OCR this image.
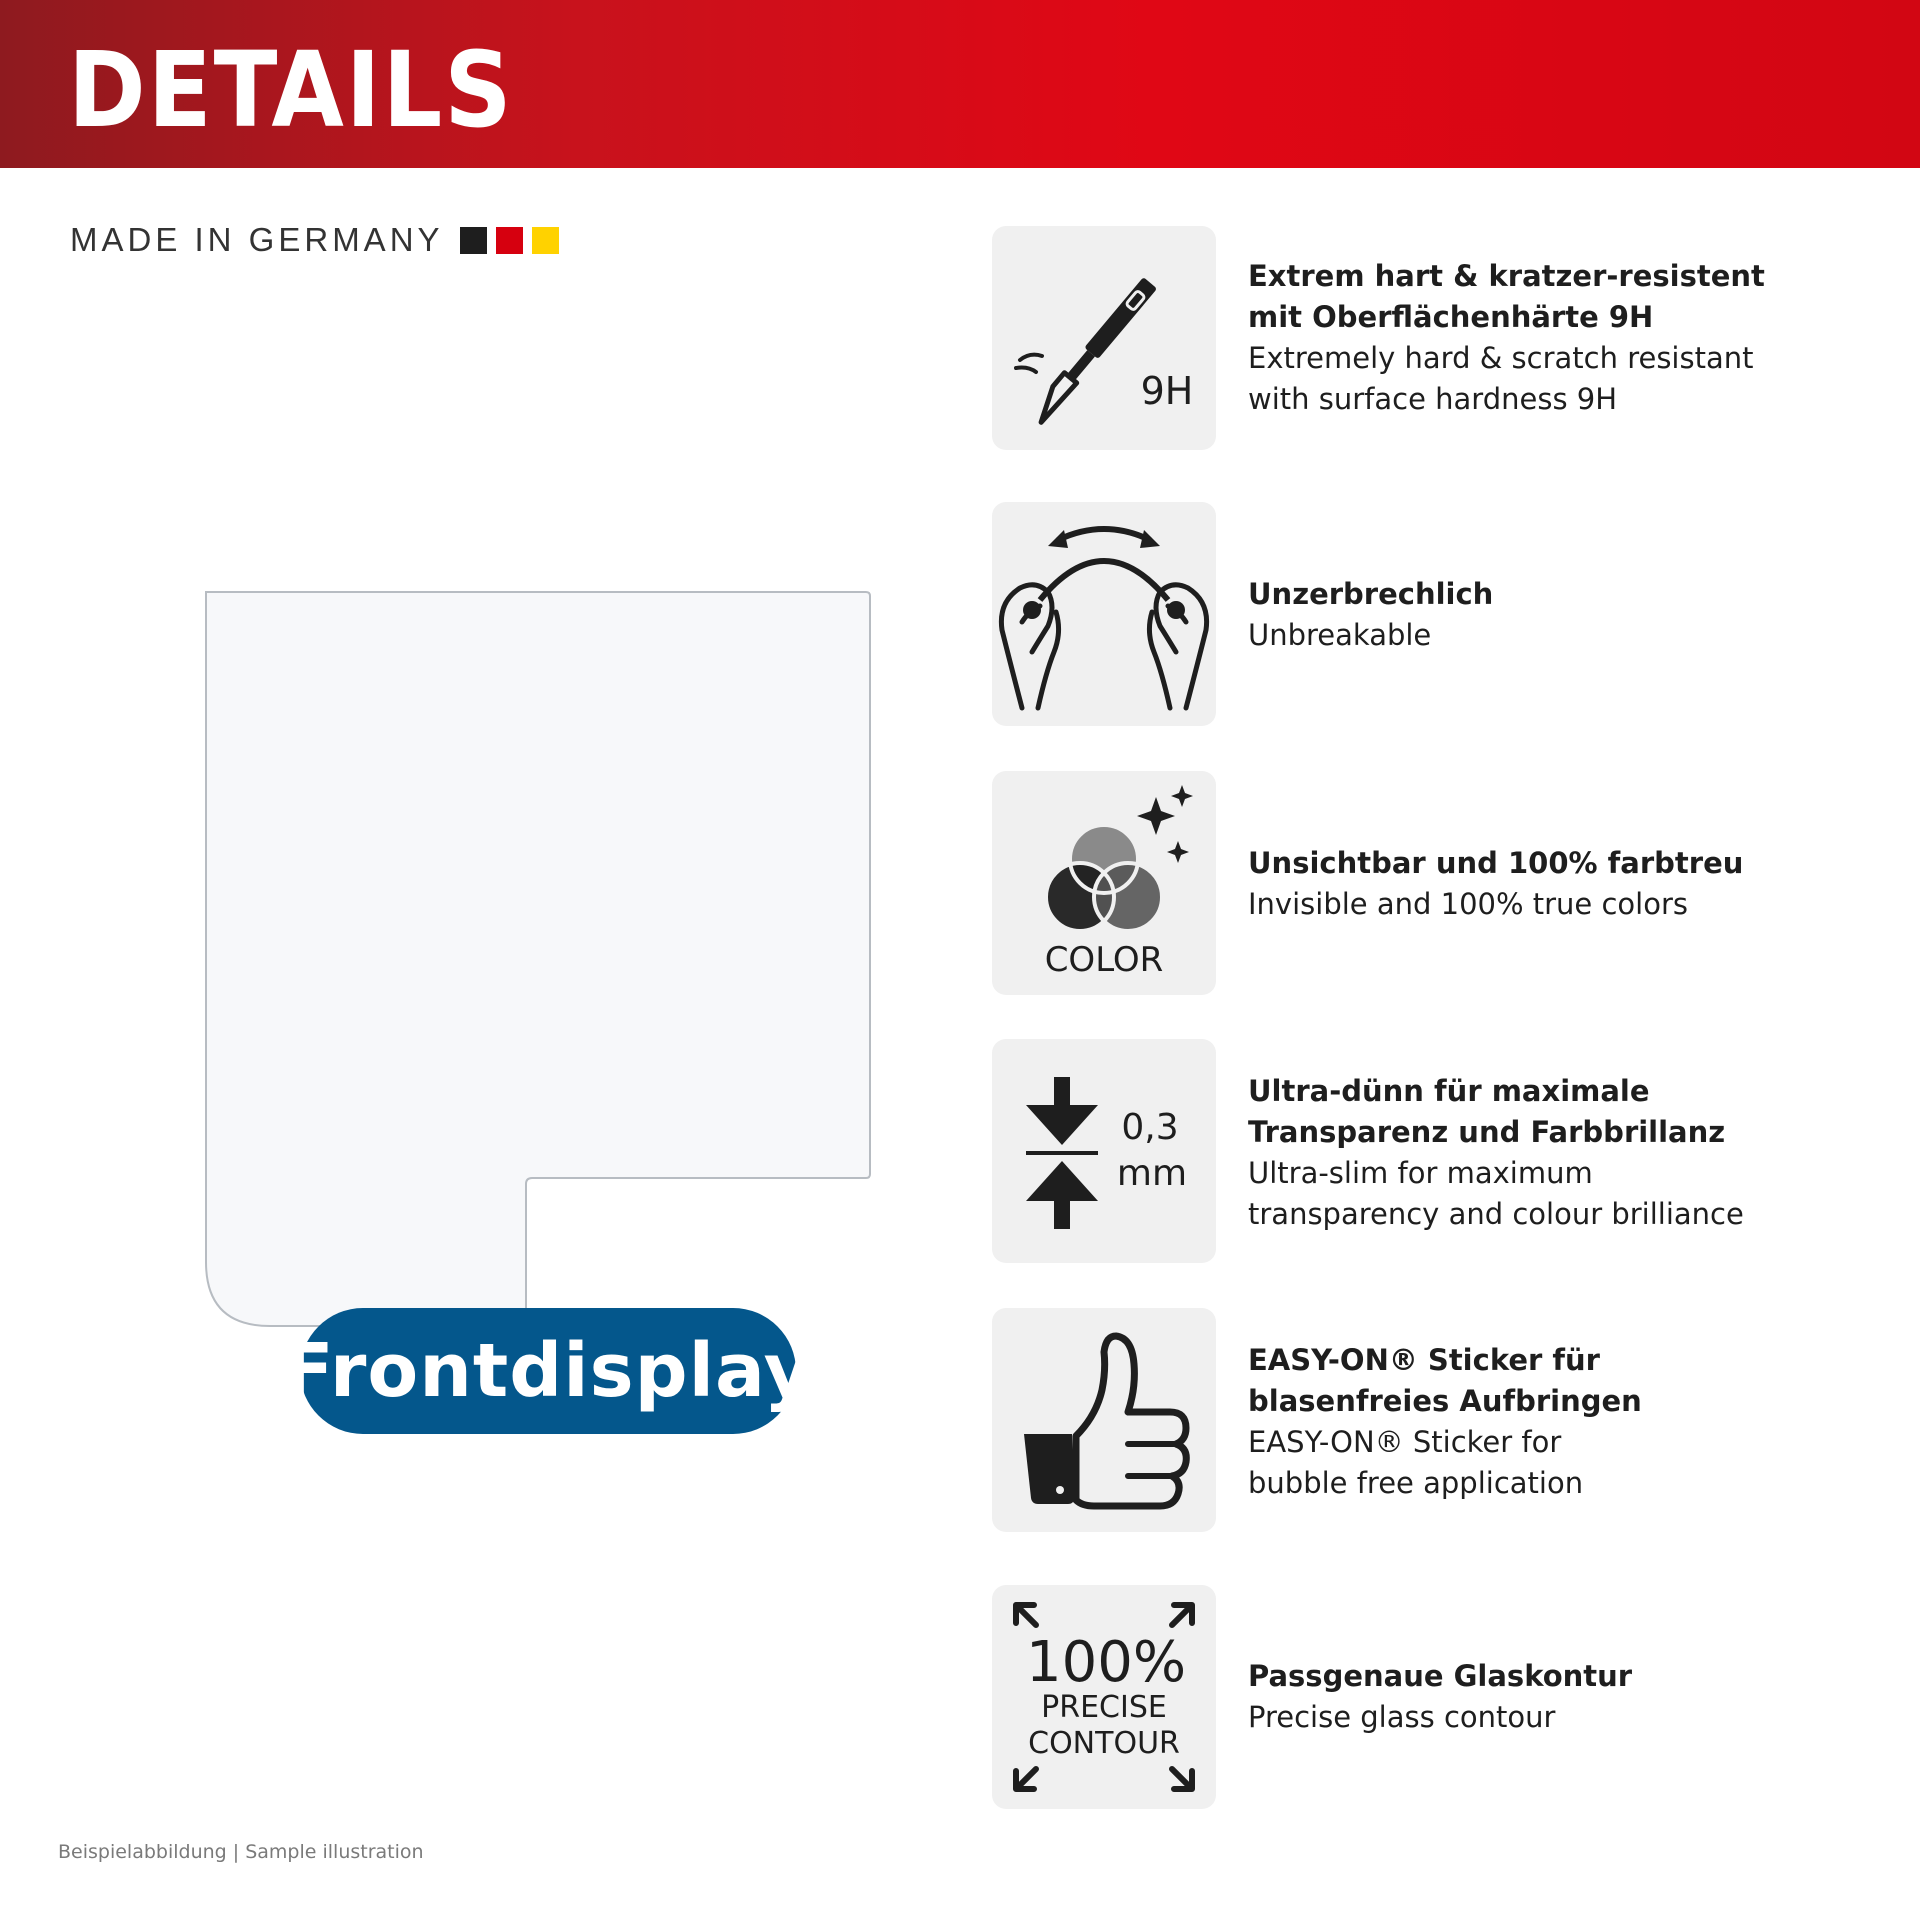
DETAILS
MADE IN GERMANY
Frontdisplay
9H
Extrem hart & kratzer-resistent
mit Oberflächenhärte 9H
Extremely hard & scratch resistant
with surface hardness 9H
Unzerbrechlich
Unbreakable
COLOR
Unsichtbar und 100% farbtreu
Invisible and 100% true colors
0,3
mm
Ultra-dünn für maximale
Transparenz und Farbbrillanz
Ultra-slim for maximum
transparency and colour brilliance
EASY-ON® Sticker für
blasenfreies Aufbringen
EASY-ON® Sticker for
bubble free application
100%
PRECISE
CONTOUR
Passgenaue Glaskontur
Precise glass contour
Beispielabbildung | Sample illustration
